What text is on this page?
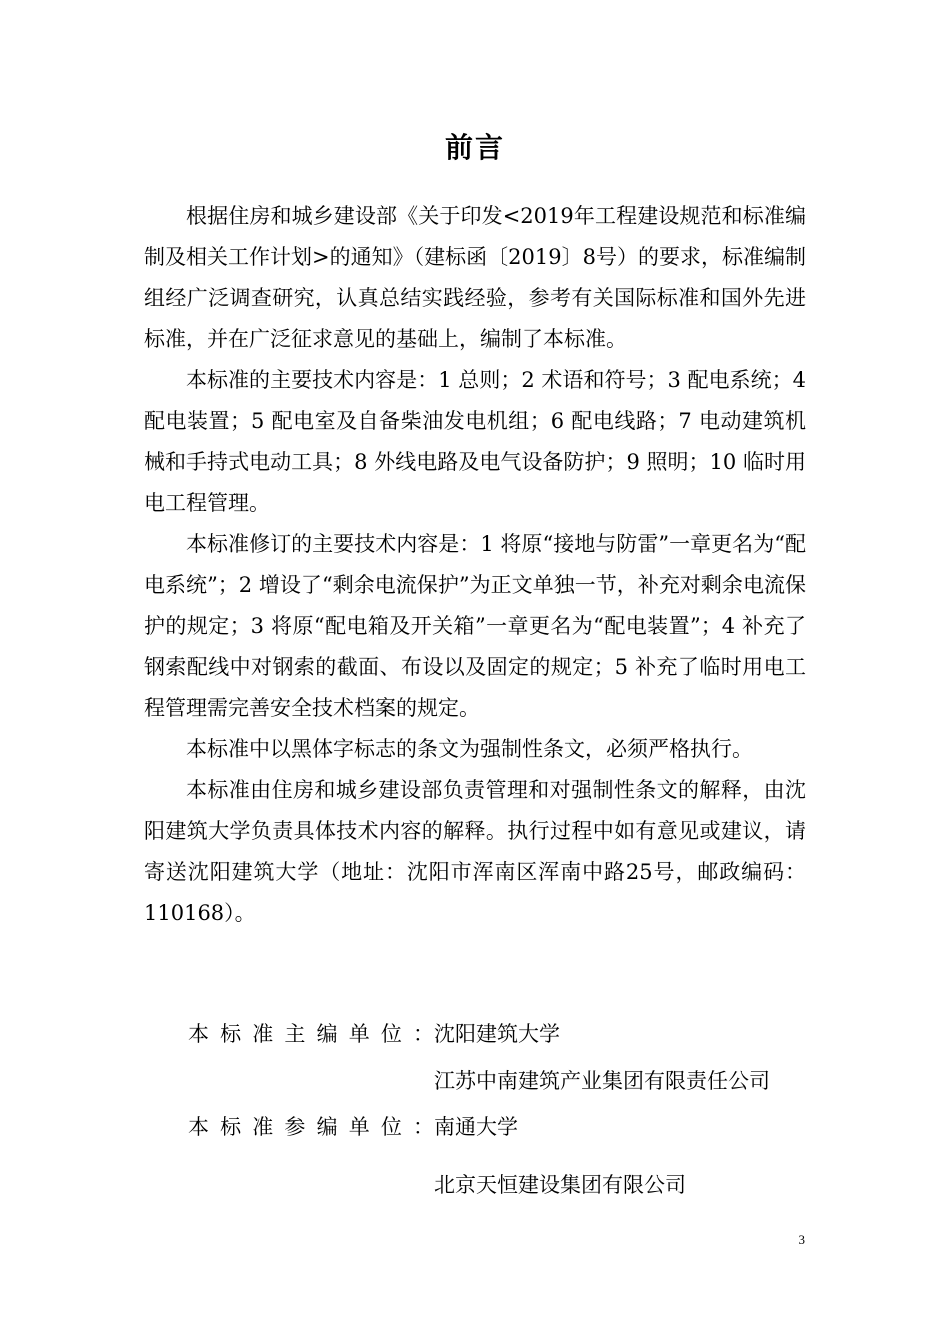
前言

根据住房和城乡建设部《关于印发<2019年工程建设规范和标准编制及相关工作计划>的通知》（建标函〔2019〕8号）的要求，标准编制组经广泛调查研究，认真总结实践经验，参考有关国际标准和国外先进标准，并在广泛征求意见的基础上，编制了本标准。

本标准的主要技术内容是：1 总则；2 术语和符号；3 配电系统；4 配电装置；5 配电室及自备柴油发电机组；6 配电线路；7 电动建筑机械和手持式电动工具；8 外线电路及电气设备防护；9 照明；10 临时用电工程管理。

本标准修订的主要技术内容是：1 将原“接地与防雷”一章更名为“配电系统”；2 增设了“剩余电流保护”为正文单独一节，补充对剩余电流保护的规定；3 将原“配电箱及开关箱”一章更名为“配电装置”；4 补充了钢索配线中对钢索的截面、布设以及固定的规定；5 补充了临时用电工程管理需完善安全技术档案的规定。

本标准中以黑体字标志的条文为强制性条文，必须严格执行。

本标准由住房和城乡建设部负责管理和对强制性条文的解释，由沈阳建筑大学负责具体技术内容的解释。执行过程中如有意见或建议，请寄送沈阳建筑大学（地址：沈阳市浑南区浑南中路25号，邮政编码：110168）。

本标准主编单位：沈阳建筑大学
江苏中南建筑产业集团有限责任公司
本标准参编单位：南通大学
北京天恒建设集团有限公司
3
